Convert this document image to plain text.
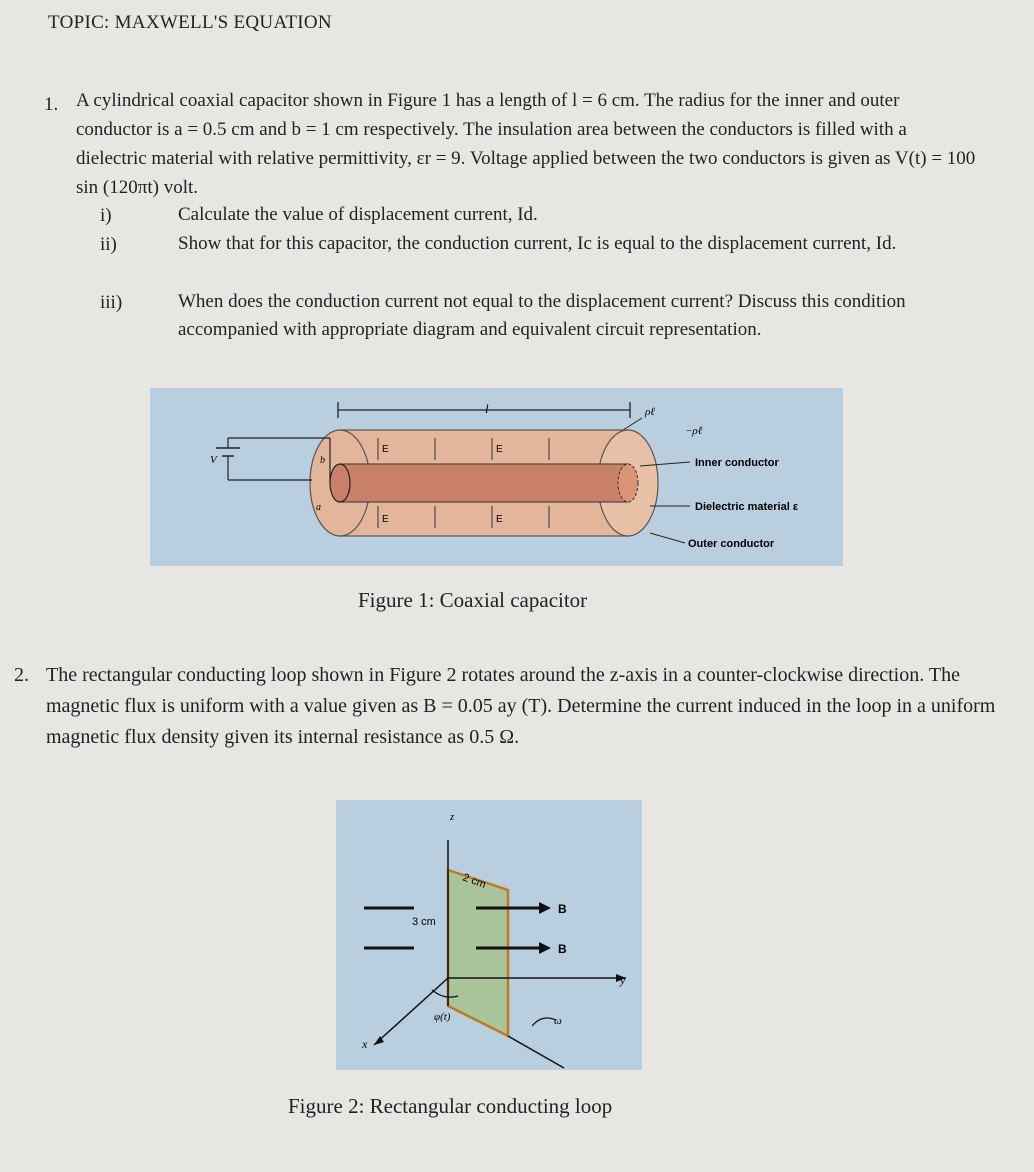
TOPIC: MAXWELL'S EQUATION
1. A cylindrical coaxial capacitor shown in Figure 1 has a length of l = 6 cm. The radius for the inner and outer conductor is a = 0.5 cm and b = 1 cm respectively. The insulation area between the conductors is filled with a dielectric material with relative permittivity, εr = 9. Voltage applied between the two conductors is given as V(t) = 100 sin (120πt) volt.
i)	Calculate the value of displacement current, Id.
ii)	Show that for this capacitor, the conduction current, Ic is equal to the displacement current, Id.
iii)	When does the conduction current not equal to the displacement current? Discuss this condition accompanied with appropriate diagram and equivalent circuit representation.
l	ρℓ
V	b
a
E	E
E	E
−ρℓ
Inner conductor
Dielectric material ε
Outer conductor
Figure 1: Coaxial capacitor
2. The rectangular conducting loop shown in Figure 2 rotates around the z-axis in a counter-clockwise direction. The magnetic flux is uniform with a value given as B = 0.05 ay (T). Determine the current induced in the loop in a uniform magnetic flux density given its internal resistance as 0.5 Ω.
z
y
x
B
B
2 cm
3 cm
φ(t)	ω
Figure 2: Rectangular conducting loop
